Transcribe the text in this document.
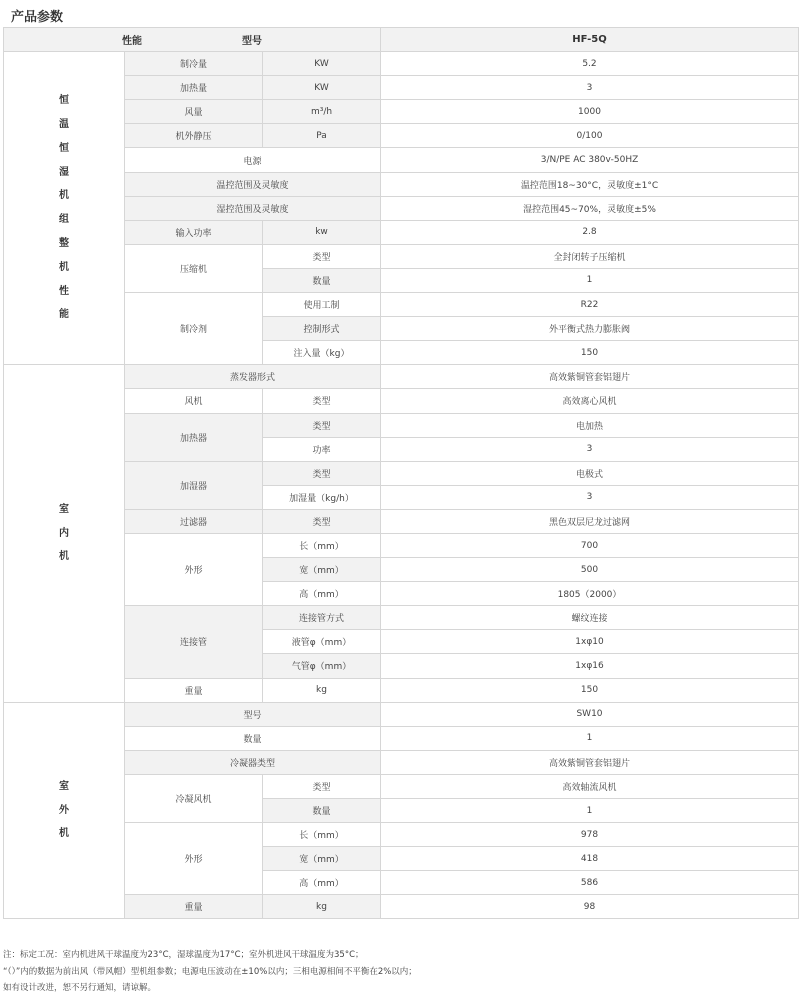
产品参数
性能 型号			HF-5Q
恒温恒湿机组整机性能	制冷量	KW	5.2
	加热量	KW	3
	风量	m³/h	1000
	机外静压	Pa	0/100
	电源		3/N/PE AC 380v-50HZ
	温控范围及灵敏度		温控范围18~30°C，灵敏度±1°C
	湿控范围及灵敏度		湿控范围45~70%，灵敏度±5%
	输入功率	kw	2.8
	压缩机	类型	全封闭转子压缩机
		数量	1
	制冷剂	使用工制	R22
		控制形式	外平衡式热力膨胀阀
		注入量（kg）	150
室内机	蒸发器形式		高效紫铜管套铝翅片
	风机	类型	高效离心风机
	加热器	类型	电加热
		功率	3
	加湿器	类型	电极式
		加湿量（kg/h）	3
	过滤器	类型	黑色双层尼龙过滤网
	外形	长（mm）	700
		宽（mm）	500
		高（mm）	1805（2000）
	连接管	连接管方式	螺纹连接
		液管φ（mm）	1xφ10
		气管φ（mm）	1xφ16
	重量	kg	150
室外机	型号		SW10
	数量		1
	冷凝器类型		高效紫铜管套铝翅片
	冷凝风机	类型	高效轴流风机
		数量	1
	外形	长（mm）	978
		宽（mm）	418
		高（mm）	586
	重量	kg	98
注：标定工况：室内机进风干球温度为23°C，湿球温度为17°C；室外机进风干球温度为35°C；
“（）”内的数据为前出风（带风帽）型机组参数；电源电压波动在±10%以内；三相电源相间不平衡在2%以内；
如有设计改进，恕不另行通知，请谅解。
